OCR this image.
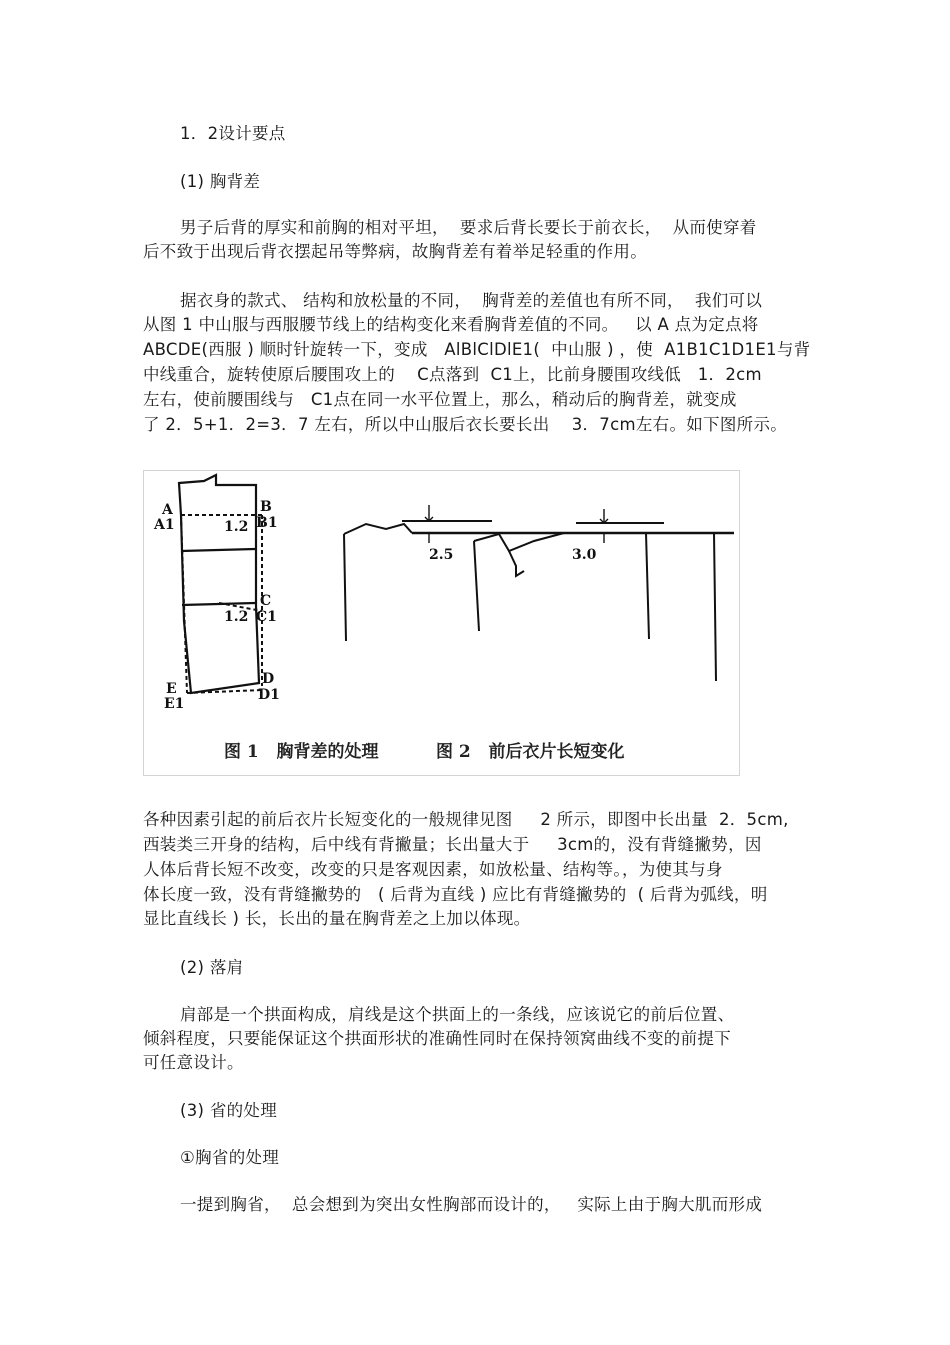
1．2设计要点
(1) 胸背差
男子后背的厚实和前胸的相对平坦，  要求后背长要长于前衣长，  从而使穿着
后不致于出现后背衣摆起吊等弊病，故胸背差有着举足轻重的作用。
据衣身的款式、 结构和放松量的不同，  胸背差的差值也有所不同，  我们可以
从图 1 中山服与西服腰节线上的结构变化来看胸背差值的不同。   以 A 点为定点将
ABCDE(西服 ) 顺时针旋转一下，变成   AlBlClDlE1(  中山服 ) ，使  A1B1C1D1E1与背
中线重合，旋转使原后腰围攻上的    C点落到  C1上，比前身腰围攻线低   1．2cm
左右，使前腰围线与   C1点在同一水平位置上，那么，稍动后的胸背差，就变成
了 2．5+1．2=3．7 左右，所以中山服后衣长要长出    3．7cm左右。如下图所示。
A
A1
B
B1
1.2
C
C1
1.2
D
D1
E
E1
2.5	3.0
图 1   胸背差的处理	图 2   前后衣片长短变化
各种因素引起的前后衣片长短变化的一般规律见图     2 所示，即图中长出量  2．5cm,
西装类三开身的结构，后中线有背撇量；长出量大于     3cm的，没有背缝撇势，因
人体后背长短不改变，改变的只是客观因素，如放松量、结构等。，为使其与身
体长度一致，没有背缝撇势的   ( 后背为直线 ) 应比有背缝撇势的  ( 后背为弧线，明
显比直线长 ) 长，长出的量在胸背差之上加以体现。
(2) 落肩
肩部是一个拱面构成，肩线是这个拱面上的一条线，应该说它的前后位置、
倾斜程度，只要能保证这个拱面形状的准确性同时在保持领窝曲线不变的前提下
可任意设计。
(3) 省的处理
①胸省的处理
一提到胸省，  总会想到为突出女性胸部而设计的，   实际上由于胸大肌而形成
